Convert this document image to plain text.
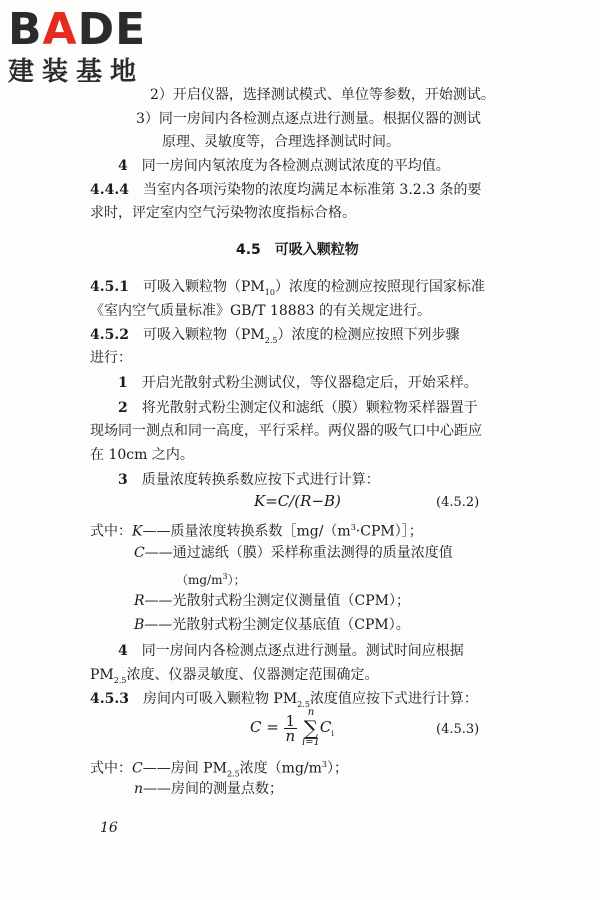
BADE
建装基地
2）开启仪器，选择测试模式、单位等参数，开始测试。
3）同一房间内各检测点逐点进行测量。根据仪器的测试
原理、灵敏度等，合理选择测试时间。
4　 同一房间内氡浓度为各检测点测试浓度的平均值。
4.4.4　 当室内各项污染物的浓度均满足本标准第 3.2.3 条的要
求时，评定室内空气污染物浓度指标合格。
4.5　可吸入颗粒物
4.5.1　 可吸入颗粒物$(PM_{10})$浓度的检测应按照现行国家标准
《室内空气质量标准》GB/T 18883 的有关规定进行。
4.5.2　 可吸入颗粒物$(PM_{2.5})$浓度的检测应按照下列步骤
进行：
1　 开启光散射式粉尘测试仪，等仪器稳定后，开始采样。
2　 将光散射式粉尘测定仪和滤纸（膜）颗粒物采样器置于
现场同一测点和同一高度，平行采样。两仪器的吸气口中心距应
在 10cm 之内。
3　 质量浓度转换系数应按下式进行计算：
K=C/(R−B)	(4.5.2)
式中：K——质量浓度转换系数$[mg/(m^3\cdot CPM)]$；
C——通过滤纸（膜）采样称重法测得的质量浓度值
$(mg/m^3)$；
R——光散射式粉尘测定仪测量值（CPM）；
B——光散射式粉尘测定仪基底值（CPM）。
4　 同一房间内各检测点逐点进行测量。测试时间应根据
$PM_{2.5}$浓度、仪器灵敏度、仪器测定范围确定。
4.5.3　 房间内可吸入颗粒物 $PM_{2.5}$浓度值应按下式进行计算：
$C = \frac{1}{n}$
n
∑
$i=1C_i$	(4.5.3)
式中：C——房间 $PM_{2.5}$浓度$(mg/m^3)$；
n——房间的测量点数；
16
